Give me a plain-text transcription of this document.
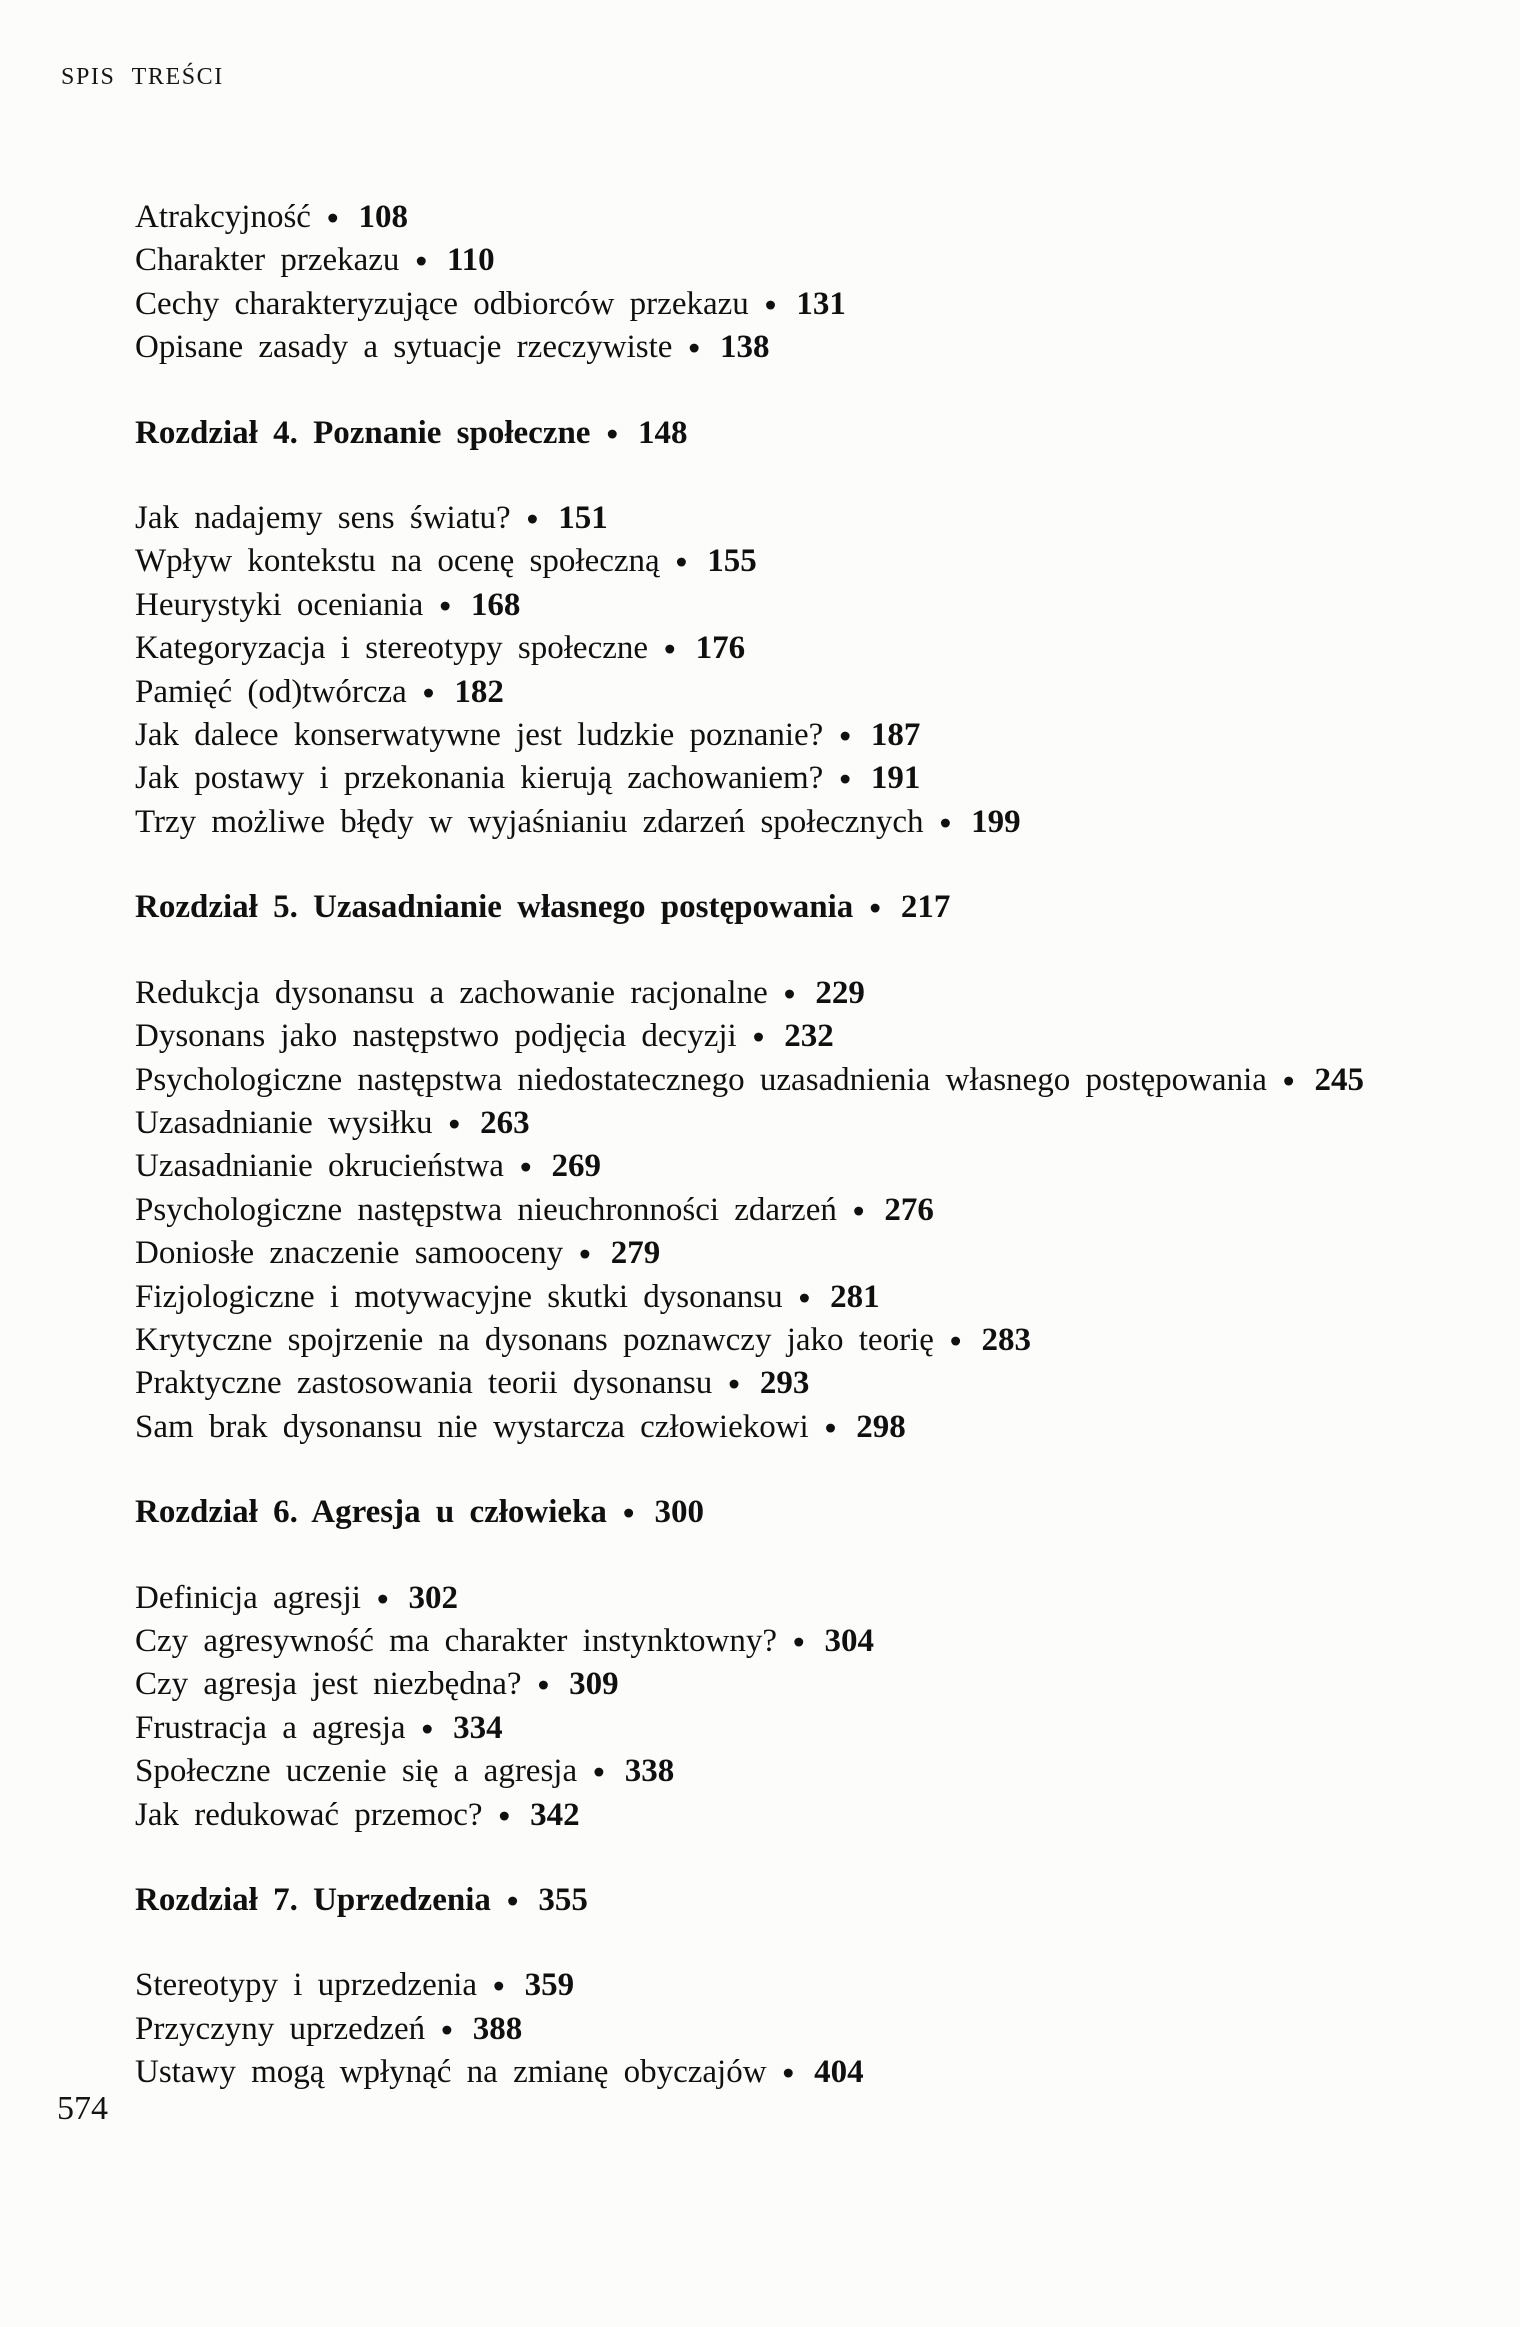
SPIS TREŚCI
Atrakcyjność • 108
Charakter przekazu • 110
Cechy charakteryzujące odbiorców przekazu • 131
Opisane zasady a sytuacje rzeczywiste • 138
Rozdział 4. Poznanie społeczne • 148
Jak nadajemy sens światu? • 151
Wpływ kontekstu na ocenę społeczną • 155
Heurystyki oceniania • 168
Kategoryzacja i stereotypy społeczne • 176
Pamięć (od)twórcza • 182
Jak dalece konserwatywne jest ludzkie poznanie? • 187
Jak postawy i przekonania kierują zachowaniem? • 191
Trzy możliwe błędy w wyjaśnianiu zdarzeń społecznych • 199
Rozdział 5. Uzasadnianie własnego postępowania • 217
Redukcja dysonansu a zachowanie racjonalne • 229
Dysonans jako następstwo podjęcia decyzji • 232
Psychologiczne następstwa niedostatecznego uzasadnienia własnego postępowania • 245
Uzasadnianie wysiłku • 263
Uzasadnianie okrucieństwa • 269
Psychologiczne następstwa nieuchronności zdarzeń • 276
Doniosłe znaczenie samooceny • 279
Fizjologiczne i motywacyjne skutki dysonansu • 281
Krytyczne spojrzenie na dysonans poznawczy jako teorię • 283
Praktyczne zastosowania teorii dysonansu • 293
Sam brak dysonansu nie wystarcza człowiekowi • 298
Rozdział 6. Agresja u człowieka • 300
Definicja agresji • 302
Czy agresywność ma charakter instynktowny? • 304
Czy agresja jest niezbędna? • 309
Frustracja a agresja • 334
Społeczne uczenie się a agresja • 338
Jak redukować przemoc? • 342
Rozdział 7. Uprzedzenia • 355
Stereotypy i uprzedzenia • 359
Przyczyny uprzedzeń • 388
Ustawy mogą wpłynąć na zmianę obyczajów • 404
574
